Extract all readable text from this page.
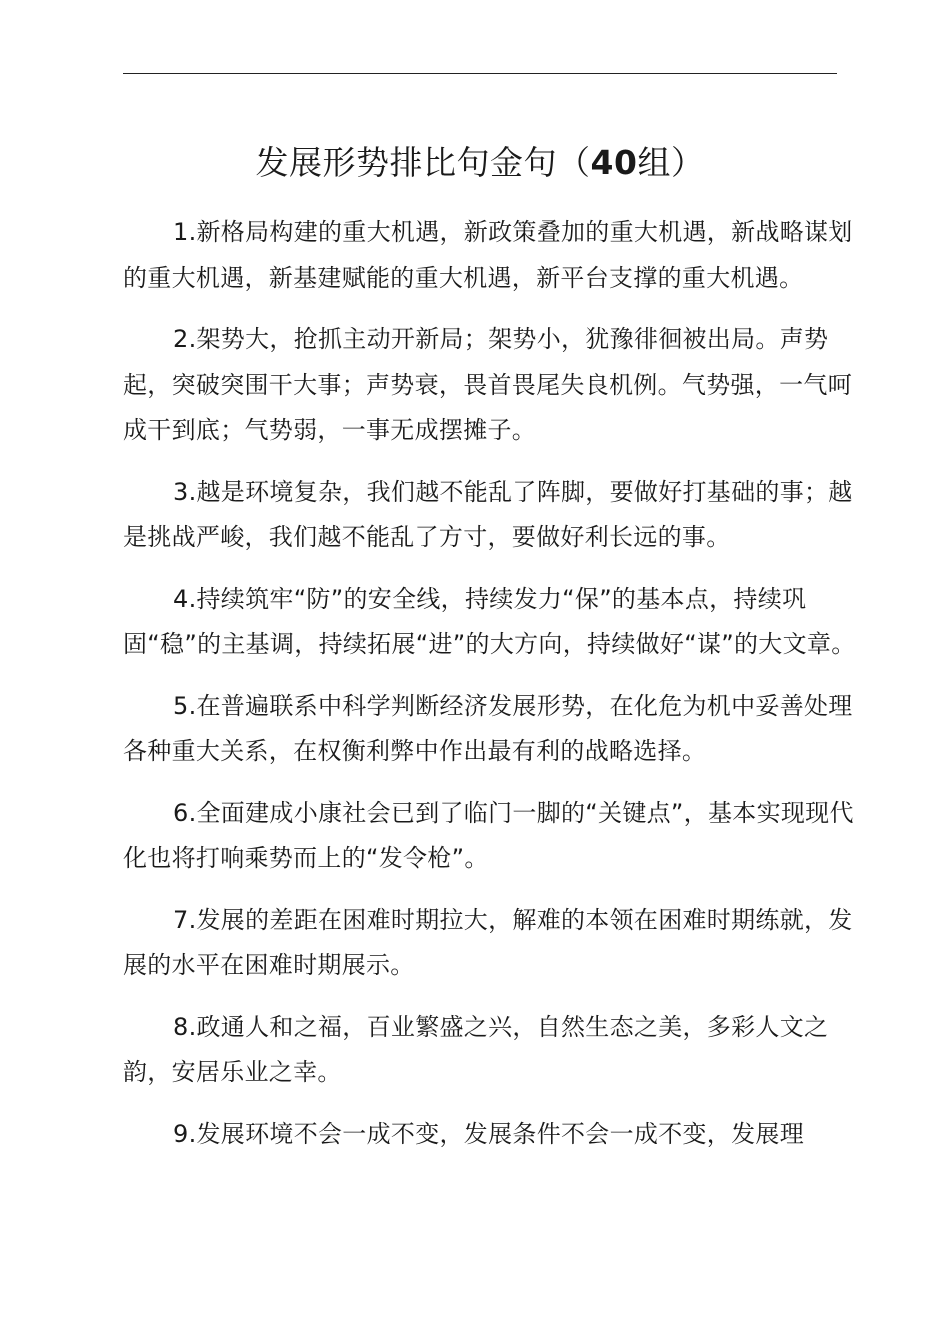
发展形势排比句金句（40组）

1.新格局构建的重大机遇，新政策叠加的重大机遇，新战略谋划的重大机遇，新基建赋能的重大机遇，新平台支撑的重大机遇。

2.架势大，抢抓主动开新局；架势小，犹豫徘徊被出局。声势起，突破突围干大事；声势衰，畏首畏尾失良机例。气势强，一气呵成干到底；气势弱，一事无成摆摊子。

3.越是环境复杂，我们越不能乱了阵脚，要做好打基础的事；越是挑战严峻，我们越不能乱了方寸，要做好利长远的事。

4.持续筑牢“防”的安全线，持续发力“保”的基本点，持续巩固“稳”的主基调，持续拓展“进”的大方向，持续做好“谋”的大文章。

5.在普遍联系中科学判断经济发展形势，在化危为机中妥善处理各种重大关系，在权衡利弊中作出最有利的战略选择。

6.全面建成小康社会已到了临门一脚的“关键点”，基本实现现代化也将打响乘势而上的“发令枪”。

7.发展的差距在困难时期拉大，解难的本领在困难时期练就，发展的水平在困难时期展示。

8.政通人和之福，百业繁盛之兴，自然生态之美，多彩人文之韵，安居乐业之幸。

9.发展环境不会一成不变，发展条件不会一成不变，发展理
